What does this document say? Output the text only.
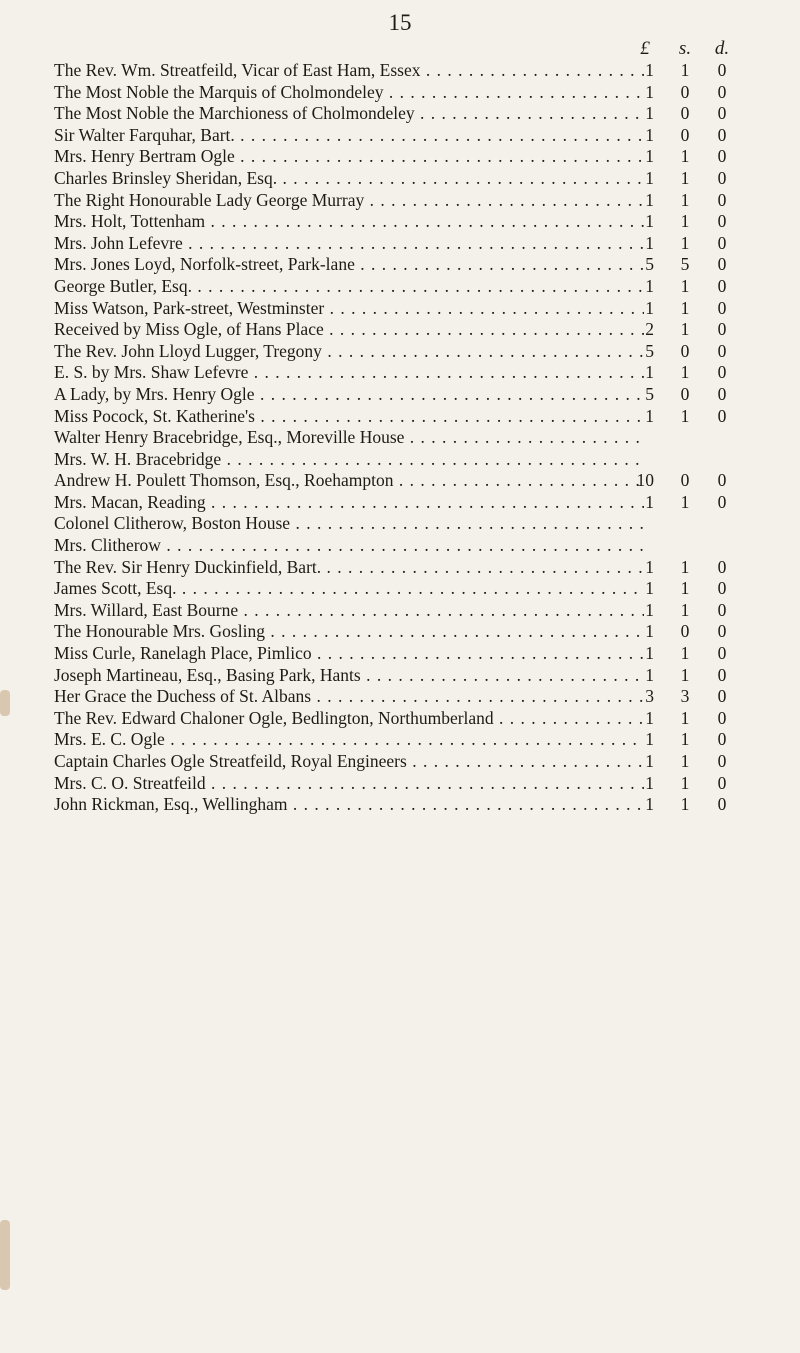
15
£	s.	d.
The Rev. Wm. Streatfeild, Vicar of East Ham, Essex . . .	1	1	0
The Most Noble the Marquis of Cholmondeley . . .	1	0	0
The Most Noble the Marchioness of Cholmondeley . . .	1	0	0
Sir Walter Farquhar, Bart. . . .	1	0	0
Mrs. Henry Bertram Ogle . . .	1	1	0
Charles Brinsley Sheridan, Esq. . . .	1	1	0
The Right Honourable Lady George Murray . . .	1	1	0
Mrs. Holt, Tottenham . . .	1	1	0
Mrs. John Lefevre . . .	1	1	0
Mrs. Jones Loyd, Norfolk-street, Park-lane . . .	5	5	0
George Butler, Esq. . . .	1	1	0
Miss Watson, Park-street, Westminster . . .	1	1	0
Received by Miss Ogle, of Hans Place . . .	2	1	0
The Rev. John Lloyd Lugger, Tregony . . .	5	0	0
E. S. by Mrs. Shaw Lefevre . . .	1	1	0
A Lady, by Mrs. Henry Ogle . . .	5	0	0
Miss Pocock, St. Katherine's . . .	1	1	0
Walter Henry Bracebridge, Esq., Moreville House . . .
Mrs. W. H. Bracebridge . . .
Andrew H. Poulett Thomson, Esq., Roehampton . . .	10	0	0
Mrs. Macan, Reading . . .	1	1	0
Colonel Clitherow, Boston House . . .
Mrs. Clitherow . . .
The Rev. Sir Henry Duckinfield, Bart. . . .	1	1	0
James Scott, Esq. . . .	1	1	0
Mrs. Willard, East Bourne . . .	1	1	0
The Honourable Mrs. Gosling . . .	1	0	0
Miss Curle, Ranelagh Place, Pimlico . . .	1	1	0
Joseph Martineau, Esq., Basing Park, Hants . . .	1	1	0
Her Grace the Duchess of St. Albans . . .	3	3	0
The Rev. Edward Chaloner Ogle, Bedlington, Northumberland . . .	1	1	0
Mrs. E. C. Ogle . . .	1	1	0
Captain Charles Ogle Streatfeild, Royal Engineers . . .	1	1	0
Mrs. C. O. Streatfeild . . .	1	1	0
John Rickman, Esq., Wellingham . . .	1	1	0
